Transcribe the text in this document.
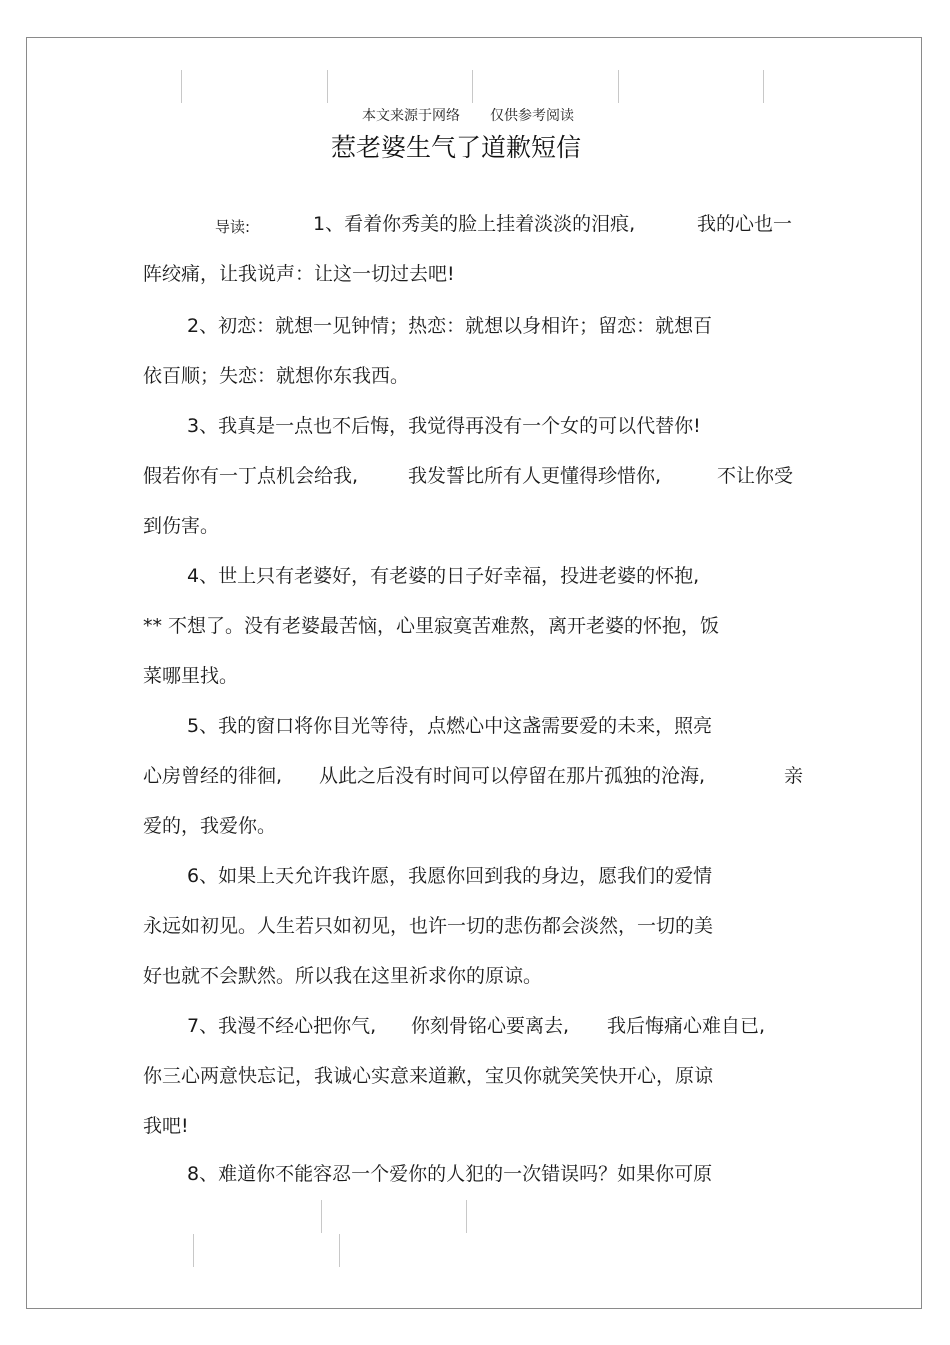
本文来源于网络 仅供参考阅读
惹老婆生气了道歉短信
导读:	1、看着你秀美的脸上挂着淡淡的泪痕,	我的心也一
阵绞痛，让我说声：让这一切过去吧!
2、初恋：就想一见钟情；热恋：就想以身相许；留恋：就想百
依百顺；失恋：就想你东我西。
3、我真是一点也不后悔，我觉得再没有一个女的可以代替你!
假若你有一丁点机会给我,	我发誓比所有人更懂得珍惜你,	不让你受
到伤害。
4、世上只有老婆好，有老婆的日子好幸福，投进老婆的怀抱,
** 不想了。没有老婆最苦恼，心里寂寞苦难熬，离开老婆的怀抱，饭
菜哪里找。
5、我的窗口将你目光等待，点燃心中这盏需要爱的未来，照亮
心房曾经的徘徊, 从此之后没有时间可以停留在那片孤独的沧海,	亲
爱的，我爱你。
6、如果上天允许我许愿，我愿你回到我的身边，愿我们的爱情
永远如初见。人生若只如初见，也许一切的悲伤都会淡然，一切的美
好也就不会默然。所以我在这里祈求你的原谅。
7、我漫不经心把你气, 你刻骨铭心要离去, 我后悔痛心难自已,
你三心两意快忘记，我诚心实意来道歉，宝贝你就笑笑快开心，原谅
我吧!
8、难道你不能容忍一个爱你的人犯的一次错误吗？如果你可原
